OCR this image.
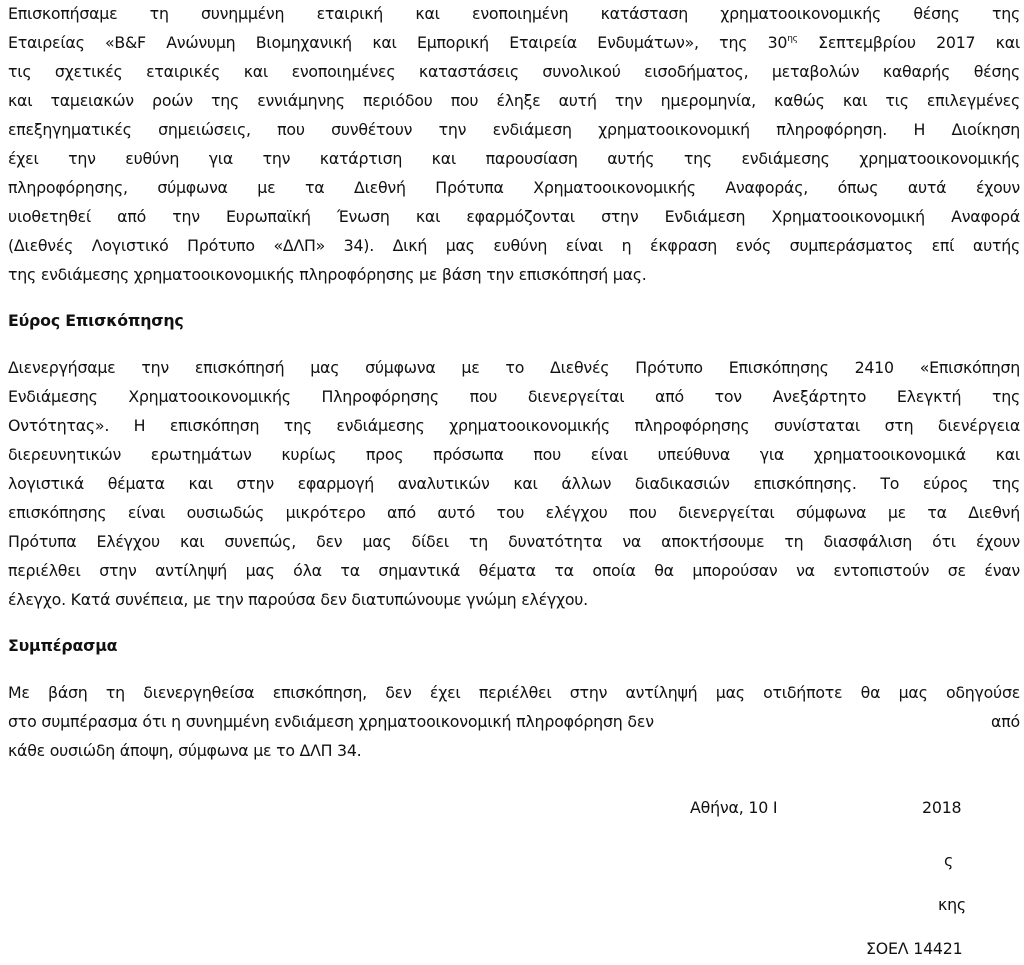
Επισκοπήσαμε τη συνημμένη εταιρική και ενοποιημένη κατάσταση χρηματοοικονομικής θέσης της
Εταιρείας «B&F Ανώνυμη Βιομηχανική και Εμπορική Εταιρεία Ενδυμάτων», της $30^{\eta\varsigma}$ Σεπτεμβρίου 2017 και
τις σχετικές εταιρικές και ενοποιημένες καταστάσεις συνολικού εισοδήματος, μεταβολών καθαρής θέσης
και ταμειακών ροών της εννιάμηνης περιόδου που έληξε αυτή την ημερομηνία, καθώς και τις επιλεγμένες
επεξηγηματικές σημειώσεις, που συνθέτουν την ενδιάμεση χρηματοοικονομική πληροφόρηση. Η Διοίκηση
έχει την ευθύνη για την κατάρτιση και παρουσίαση αυτής της ενδιάμεσης χρηματοοικονομικής
πληροφόρησης, σύμφωνα με τα Διεθνή Πρότυπα Χρηματοοικονομικής Αναφοράς, όπως αυτά έχουν
υιοθετηθεί από την Ευρωπαϊκή Ένωση και εφαρμόζονται στην Ενδιάμεση Χρηματοοικονομική Αναφορά
(Διεθνές Λογιστικό Πρότυπο «ΔΛΠ» 34). Δική μας ευθύνη είναι η έκφραση ενός συμπεράσματος επί αυτής
της ενδιάμεσης χρηματοοικονομικής πληροφόρησης με βάση την επισκόπησή μας.
Εύρος Επισκόπησης
Διενεργήσαμε την επισκόπησή μας σύμφωνα με το Διεθνές Πρότυπο Επισκόπησης 2410 «Επισκόπηση
Ενδιάμεσης Χρηματοοικονομικής Πληροφόρησης που διενεργείται από τον Ανεξάρτητο Ελεγκτή της
Οντότητας». Η επισκόπηση της ενδιάμεσης χρηματοοικονομικής πληροφόρησης συνίσταται στη διενέργεια
διερευνητικών ερωτημάτων κυρίως προς πρόσωπα που είναι υπεύθυνα για χρηματοοικονομικά και
λογιστικά θέματα και στην εφαρμογή αναλυτικών και άλλων διαδικασιών επισκόπησης. Το εύρος της
επισκόπησης είναι ουσιωδώς μικρότερο από αυτό του ελέγχου που διενεργείται σύμφωνα με τα Διεθνή
Πρότυπα Ελέγχου και συνεπώς, δεν μας δίδει τη δυνατότητα να αποκτήσουμε τη διασφάλιση ότι έχουν
περιέλθει στην αντίληψή μας όλα τα σημαντικά θέματα τα οποία θα μπορούσαν να εντοπιστούν σε έναν
έλεγχο. Κατά συνέπεια, με την παρούσα δεν διατυπώνουμε γνώμη ελέγχου.
Συμπέρασμα
Με βάση τη διενεργηθείσα επισκόπηση, δεν έχει περιέλθει στην αντίληψή μας οτιδήποτε θα μας οδηγούσε
στο συμπέρασμα ότι η συνημμένη ενδιάμεση χρηματοοικονομική πληροφόρηση δεν	από
κάθε ουσιώδη άποψη, σύμφωνα με το ΔΛΠ 34.
Αθήνα, 10 Ι	2018
ς
κης
ΣΟΕΛ 14421
